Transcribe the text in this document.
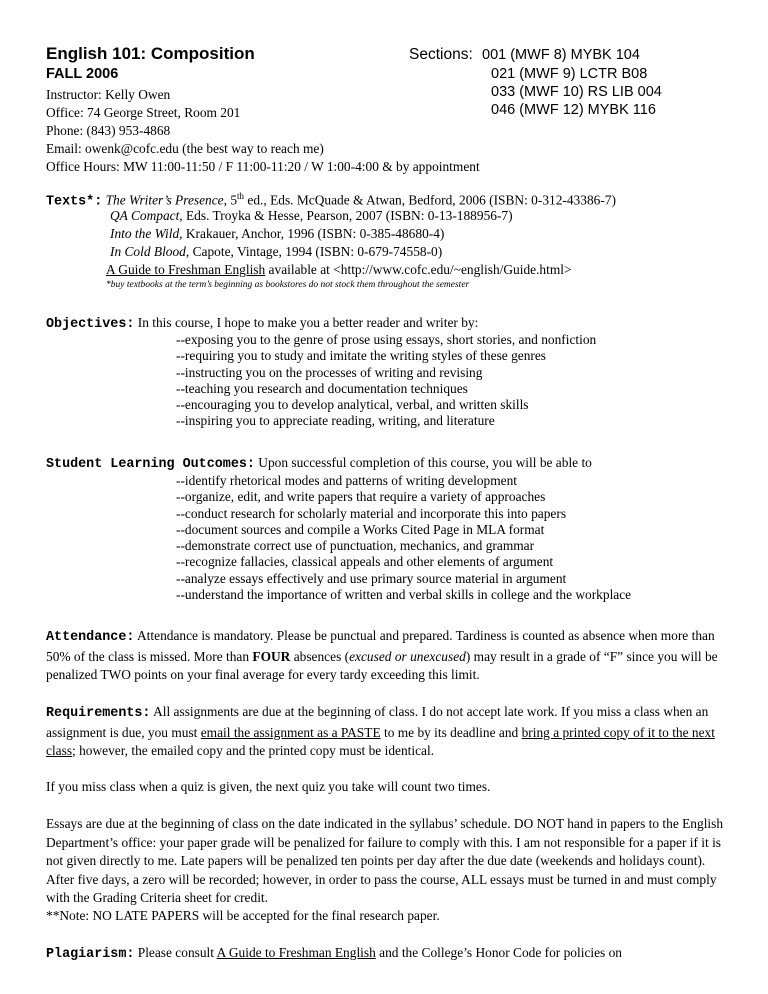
English 101: Composition	Sections: 001 (MWF 8) MYBK 104
021 (MWF 9) LCTR B08
033 (MWF 10) RS LIB 004
046 (MWF 12) MYBK 116
FALL 2006
Instructor: Kelly Owen
Office: 74 George Street, Room 201
Phone: (843) 953-4868
Email: owenk@cofc.edu (the best way to reach me)
Office Hours: MW 11:00-11:50 / F 11:00-11:20 / W 1:00-4:00 & by appointment
Texts*: The Writer’s Presence, 5th ed., Eds. McQuade & Atwan, Bedford, 2006 (ISBN: 0-312-43386-7)
QA Compact, Eds. Troyka & Hesse, Pearson, 2007 (ISBN: 0-13-188956-7)
Into the Wild, Krakauer, Anchor, 1996 (ISBN: 0-385-48680-4)
In Cold Blood, Capote, Vintage, 1994 (ISBN: 0-679-74558-0)
A Guide to Freshman English available at <http://www.cofc.edu/~english/Guide.html>
*buy textbooks at the term’s beginning as bookstores do not stock them throughout the semester
Objectives: In this course, I hope to make you a better reader and writer by:
--exposing you to the genre of prose using essays, short stories, and nonfiction
--requiring you to study and imitate the writing styles of these genres
--instructing you on the processes of writing and revising
--teaching you research and documentation techniques
--encouraging you to develop analytical, verbal, and written skills
--inspiring you to appreciate reading, writing, and literature
Student Learning Outcomes: Upon successful completion of this course, you will be able to
--identify rhetorical modes and patterns of writing development
--organize, edit, and write papers that require a variety of approaches
--conduct research for scholarly material and incorporate this into papers
--document sources and compile a Works Cited Page in MLA format
--demonstrate correct use of punctuation, mechanics, and grammar
--recognize fallacies, classical appeals and other elements of argument
--analyze essays effectively and use primary source material in argument
--understand the importance of written and verbal skills in college and the workplace
Attendance: Attendance is mandatory. Please be punctual and prepared. Tardiness is counted as absence when more than 50% of the class is missed. More than FOUR absences (excused or unexcused) may result in a grade of “F” since you will be penalized TWO points on your final average for every tardy exceeding this limit.
Requirements: All assignments are due at the beginning of class. I do not accept late work. If you miss a class when an assignment is due, you must email the assignment as a PASTE to me by its deadline and bring a printed copy of it to the next class; however, the emailed copy and the printed copy must be identical.
If you miss class when a quiz is given, the next quiz you take will count two times.
Essays are due at the beginning of class on the date indicated in the syllabus’ schedule. DO NOT hand in papers to the English Department’s office: your paper grade will be penalized for failure to comply with this. I am not responsible for a paper if it is not given directly to me. Late papers will be penalized ten points per day after the due date (weekends and holidays count). After five days, a zero will be recorded; however, in order to pass the course, ALL essays must be turned in and must comply with the Grading Criteria sheet for credit.
**Note: NO LATE PAPERS will be accepted for the final research paper.
Plagiarism: Please consult A Guide to Freshman English and the College’s Honor Code for policies on
